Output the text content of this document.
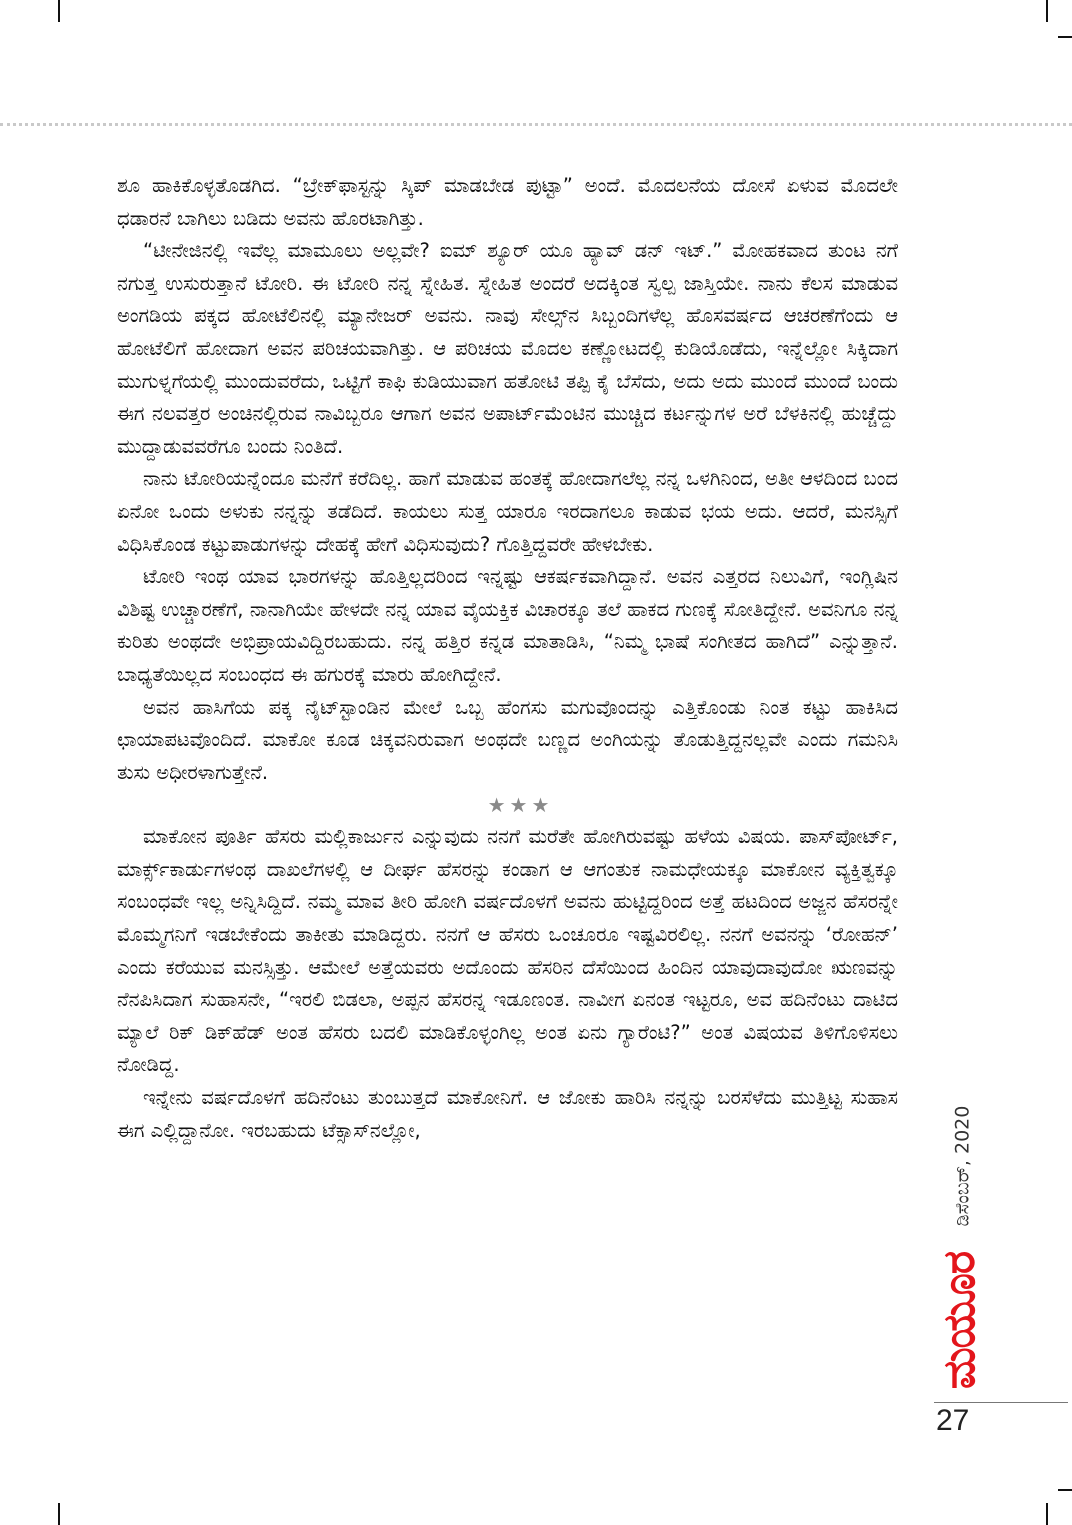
ಶೂ ಹಾಕಿಕೊಳ್ಳತೊಡಗಿದ. “ಬ್ರೇಕ್‌ಫಾಸ್ಟನ್ನು ಸ್ಕಿಪ್ ಮಾಡಬೇಡ ಪುಟ್ಟಾ” ಅಂದೆ. ಮೊದಲನೆಯ ದೋಸೆ ಏಳುವ ಮೊದಲೇ ಧಡಾರನೆ ಬಾಗಿಲು ಬಡಿದು ಅವನು ಹೊರಟಾಗಿತ್ತು.

“ಟೀನೇಜಿನಲ್ಲಿ ಇವೆಲ್ಲ ಮಾಮೂಲು ಅಲ್ಲವೇ? ಐಮ್ ಶ್ಯೂರ್ ಯೂ ಹ್ಯಾವ್ ಡನ್ ಇಟ್.” ಮೋಹಕವಾದ ತುಂಟ ನಗೆ ನಗುತ್ತ ಉಸುರುತ್ತಾನೆ ಟೋರಿ. ಈ ಟೋರಿ ನನ್ನ ಸ್ನೇಹಿತ. ಸ್ನೇಹಿತ ಅಂದರೆ ಅದಕ್ಕಿಂತ ಸ್ವಲ್ಪ ಜಾಸ್ತಿಯೇ. ನಾನು ಕೆಲಸ ಮಾಡುವ ಅಂಗಡಿಯ ಪಕ್ಕದ ಹೋಟೆಲಿನಲ್ಲಿ ಮ್ಯಾನೇಜರ್ ಅವನು. ನಾವು ಸೇಲ್ಸ್‌ನ ಸಿಬ್ಬಂದಿಗಳೆಲ್ಲ ಹೊಸವರ್ಷದ ಆಚರಣೆಗೆಂದು ಆ ಹೋಟೆಲಿಗೆ ಹೋದಾಗ ಅವನ ಪರಿಚಯವಾಗಿತ್ತು. ಆ ಪರಿಚಯ ಮೊದಲ ಕಣ್ಣೋಟದಲ್ಲಿ ಕುಡಿಯೊಡೆದು, ಇನ್ನೆಲ್ಲೋ ಸಿಕ್ಕಿದಾಗ ಮುಗುಳ್ನಗೆಯಲ್ಲಿ ಮುಂದುವರೆದು, ಒಟ್ಟಿಗೆ ಕಾಫಿ ಕುಡಿಯುವಾಗ ಹತೋಟಿ ತಪ್ಪಿ ಕೈ ಬೆಸೆದು, ಅದು ಅದು ಮುಂದೆ ಮುಂದೆ ಬಂದು ಈಗ ನಲವತ್ತರ ಅಂಚಿನಲ್ಲಿರುವ ನಾವಿಬ್ಬರೂ ಆಗಾಗ ಅವನ ಅಪಾರ್ಟ್‌ಮೆಂಟಿನ ಮುಚ್ಚಿದ ಕರ್ಟನ್ನುಗಳ ಅರೆ ಬೆಳಕಿನಲ್ಲಿ ಹುಚ್ಚೆದ್ದು ಮುದ್ದಾಡುವವರೆಗೂ ಬಂದು ನಿಂತಿದೆ.

ನಾನು ಟೋರಿಯನ್ನೆಂದೂ ಮನೆಗೆ ಕರೆದಿಲ್ಲ. ಹಾಗೆ ಮಾಡುವ ಹಂತಕ್ಕೆ ಹೋದಾಗಲೆಲ್ಲ ನನ್ನ ಒಳಗಿನಿಂದ, ಅತೀ ಆಳದಿಂದ ಬಂದ ಏನೋ ಒಂದು ಅಳುಕು ನನ್ನನ್ನು ತಡೆದಿದೆ. ಕಾಯಲು ಸುತ್ತ ಯಾರೂ ಇರದಾಗಲೂ ಕಾಡುವ ಭಯ ಅದು. ಆದರೆ, ಮನಸ್ಸಿಗೆ ವಿಧಿಸಿಕೊಂಡ ಕಟ್ಟುಪಾಡುಗಳನ್ನು ದೇಹಕ್ಕೆ ಹೇಗೆ ವಿಧಿಸುವುದು? ಗೊತ್ತಿದ್ದವರೇ ಹೇಳಬೇಕು.

ಟೋರಿ ಇಂಥ ಯಾವ ಭಾರಗಳನ್ನು ಹೊತ್ತಿಲ್ಲದರಿಂದ ಇನ್ನಷ್ಟು ಆಕರ್ಷಕವಾಗಿದ್ದಾನೆ. ಅವನ ಎತ್ತರದ ನಿಲುವಿಗೆ, ಇಂಗ್ಲಿಷಿನ ವಿಶಿಷ್ಟ ಉಚ್ಚಾರಣೆಗೆ, ನಾನಾಗಿಯೇ ಹೇಳದೇ ನನ್ನ ಯಾವ ವೈಯಕ್ತಿಕ ವಿಚಾರಕ್ಕೂ ತಲೆ ಹಾಕದ ಗುಣಕ್ಕೆ ಸೋತಿದ್ದೇನೆ. ಅವನಿಗೂ ನನ್ನ ಕುರಿತು ಅಂಥದೇ ಅಭಿಪ್ರಾಯವಿದ್ದಿರಬಹುದು. ನನ್ನ ಹತ್ತಿರ ಕನ್ನಡ ಮಾತಾಡಿಸಿ, “ನಿಮ್ಮ ಭಾಷೆ ಸಂಗೀತದ ಹಾಗಿದೆ” ಎನ್ನುತ್ತಾನೆ. ಬಾಧ್ಯತೆಯಿಲ್ಲದ ಸಂಬಂಧದ ಈ ಹಗುರಕ್ಕೆ ಮಾರು ಹೋಗಿದ್ದೇನೆ.

ಅವನ ಹಾಸಿಗೆಯ ಪಕ್ಕ ನೈಟ್‌ಸ್ಟಾಂಡಿನ ಮೇಲೆ ಒಬ್ಬ ಹೆಂಗಸು ಮಗುವೊಂದನ್ನು ಎತ್ತಿಕೊಂಡು ನಿಂತ ಕಟ್ಟು ಹಾಕಿಸಿದ ಛಾಯಾಪಟವೊಂದಿದೆ. ಮಾಕೋ ಕೂಡ ಚಿಕ್ಕವನಿರುವಾಗ ಅಂಥದೇ ಬಣ್ಣದ ಅಂಗಿಯನ್ನು ತೊಡುತ್ತಿದ್ದನಲ್ಲವೇ ಎಂದು ಗಮನಿಸಿ ತುಸು ಅಧೀರಳಾಗುತ್ತೇನೆ.

★★★

ಮಾಕೋನ ಪೂರ್ತಿ ಹೆಸರು ಮಲ್ಲಿಕಾರ್ಜುನ ಎನ್ನುವುದು ನನಗೆ ಮರೆತೇ ಹೋಗಿರುವಷ್ಟು ಹಳೆಯ ವಿಷಯ. ಪಾಸ್‌ಪೋರ್ಟ್, ಮಾರ್ಕ್ಸ್‌ಕಾರ್ಡುಗಳಂಥ ದಾಖಲೆಗಳಲ್ಲಿ ಆ ದೀರ್ಘ ಹೆಸರನ್ನು ಕಂಡಾಗ ಆ ಆಗಂತುಕ ನಾಮಧೇಯಕ್ಕೂ ಮಾಕೋನ ವ್ಯಕ್ತಿತ್ವಕ್ಕೂ ಸಂಬಂಧವೇ ಇಲ್ಲ ಅನ್ನಿಸಿದ್ದಿದೆ. ನಮ್ಮ ಮಾವ ತೀರಿ ಹೋಗಿ ವರ್ಷದೊಳಗೆ ಅವನು ಹುಟ್ಟಿದ್ದರಿಂದ ಅತ್ತೆ ಹಟದಿಂದ ಅಜ್ಜನ ಹೆಸರನ್ನೇ ಮೊಮ್ಮಗನಿಗೆ ಇಡಬೇಕೆಂದು ತಾಕೀತು ಮಾಡಿದ್ದರು. ನನಗೆ ಆ ಹೆಸರು ಒಂಚೂರೂ ಇಷ್ಟವಿರಲಿಲ್ಲ. ನನಗೆ ಅವನನ್ನು ‘ರೋಹನ್’ ಎಂದು ಕರೆಯುವ ಮನಸ್ಸಿತ್ತು. ಆಮೇಲೆ ಅತ್ತೆಯವರು ಅದೊಂದು ಹೆಸರಿನ ದೆಸೆಯಿಂದ ಹಿಂದಿನ ಯಾವುದಾವುದೋ ಋಣವನ್ನು ನೆನಪಿಸಿದಾಗ ಸುಹಾಸನೇ, “ಇರಲಿ ಬಿಡಲಾ, ಅಪ್ಪನ ಹೆಸರನ್ನ ಇಡೂಣಂತ. ನಾವೀಗ ಏನಂತ ಇಟ್ಟರೂ, ಅವ ಹದಿನೆಂಟು ದಾಟಿದ ಮ್ಯಾಲೆ ರಿಕ್ ಡಿಕ್‌ಹೆಡ್ ಅಂತ ಹೆಸರು ಬದಲಿ ಮಾಡಿಕೊಳ್ಳಂಗಿಲ್ಲ ಅಂತ ಏನು ಗ್ಯಾರೆಂಟಿ?” ಅಂತ ವಿಷಯವ ತಿಳಿಗೊಳಿಸಲು ನೋಡಿದ್ದ.

ಇನ್ನೇನು ವರ್ಷದೊಳಗೆ ಹದಿನೆಂಟು ತುಂಬುತ್ತದೆ ಮಾಕೋನಿಗೆ. ಆ ಜೋಕು ಹಾರಿಸಿ ನನ್ನನ್ನು ಬರಸೆಳೆದು ಮುತ್ತಿಟ್ಟ ಸುಹಾಸ ಈಗ ಎಲ್ಲಿದ್ದಾನೋ. ಇರಬಹುದು ಟೆಕ್ಸಾಸ್‌ನಲ್ಲೋ,	ಡಿಸೆಂಬರ್, 2020
ಮಯೂರ
27
